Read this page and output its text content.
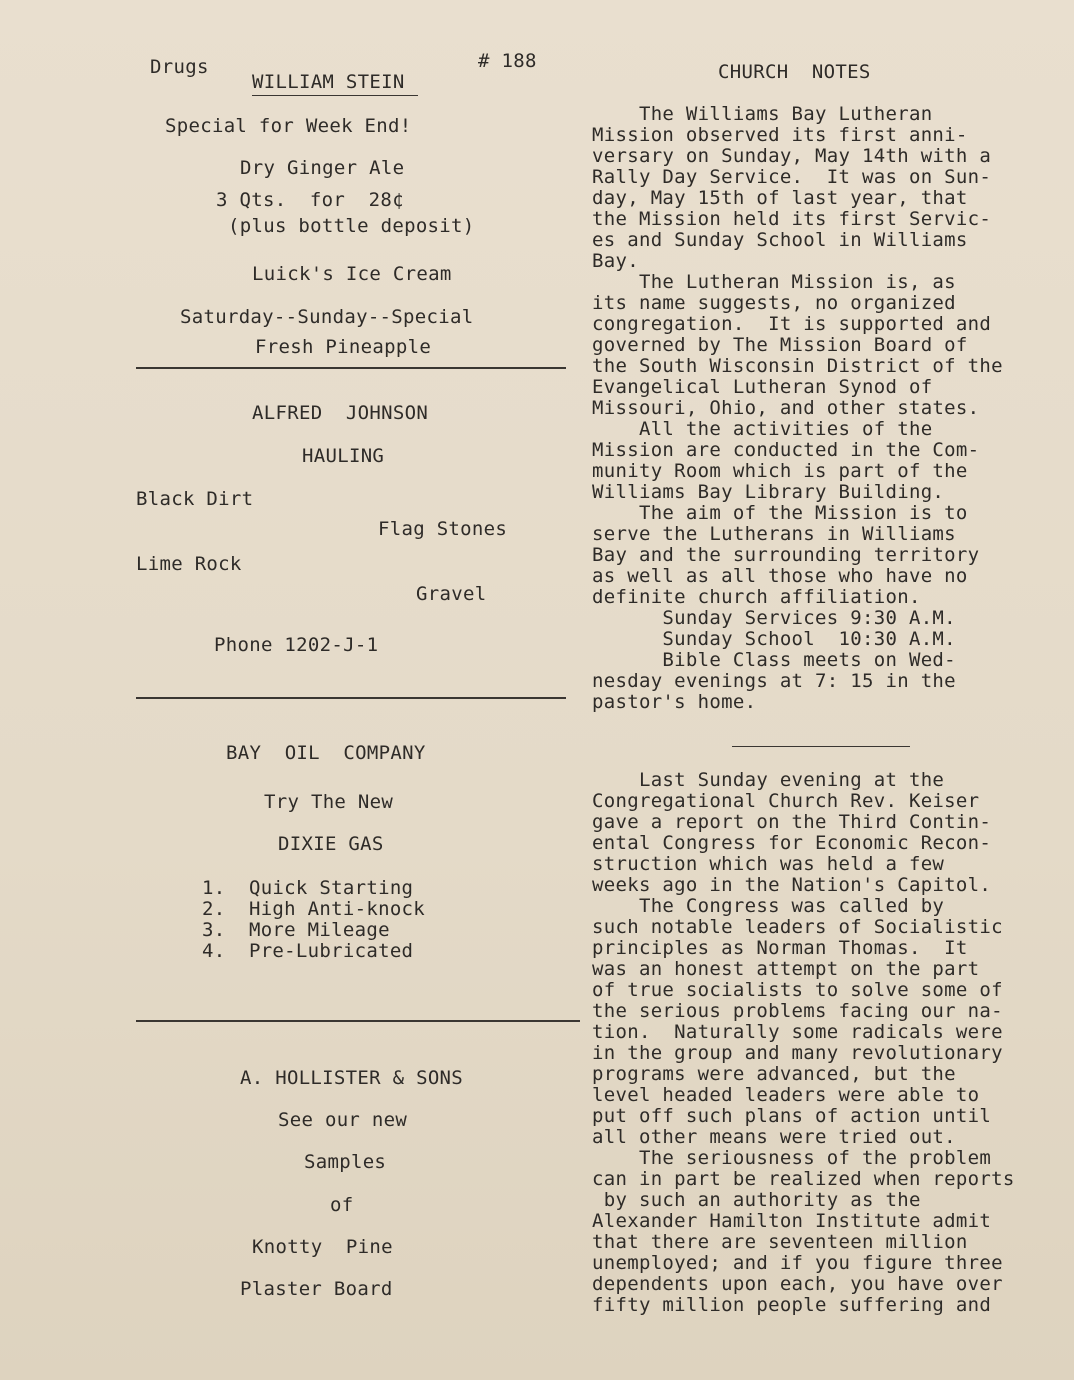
Drugs	# 188	CHURCH  NOTES
WILLIAM STEIN
Special for Week End!
Dry Ginger Ale
3 Qts.  for  28¢
(plus bottle deposit)
Luick's Ice Cream
Saturday--Sunday--Special
Fresh Pineapple
ALFRED  JOHNSON
HAULING
Black Dirt
Flag Stones
Lime Rock
Gravel
Phone 1202-J-1
BAY  OIL  COMPANY
Try The New
DIXIE GAS
1.  Quick Starting
2.  High Anti-knock
3.  More Mileage
4.  Pre-Lubricated
A. HOLLISTER & SONS
See our new
Samples
of
Knotty  Pine
Plaster Board

The Williams Bay Lutheran

Mission observed its first anni-

versary on Sunday, May 14th with a

Rally Day Service.  It was on Sun-

day, May 15th of last year, that

the Mission held its first Servic-

es and Sunday School in Williams

Bay.

The Lutheran Mission is, as

its name suggests, no organized

congregation.  It is supported and

governed by The Mission Board of

the South Wisconsin District of the

Evangelical Lutheran Synod of

Missouri, Ohio, and other states.

All the activities of the

Mission are conducted in the Com-

munity Room which is part of the

Williams Bay Library Building.

The aim of the Mission is to

serve the Lutherans in Williams

Bay and the surrounding territory

as well as all those who have no

definite church affiliation.

Sunday Services 9:30 A.M.

Sunday School  10:30 A.M.

Bible Class meets on Wed-

nesday evenings at 7: 15 in the

pastor's home.

Last Sunday evening at the

Congregational Church Rev. Keiser

gave a report on the Third Contin-

ental Congress for Economic Recon-

struction which was held a few

weeks ago in the Nation's Capitol.

The Congress was called by

such notable leaders of Socialistic

principles as Norman Thomas.  It

was an honest attempt on the part

of true socialists to solve some of

the serious problems facing our na-

tion.  Naturally some radicals were

in the group and many revolutionary

programs were advanced, but the

level headed leaders were able to

put off such plans of action until

all other means were tried out.

The seriousness of the problem

can in part be realized when reports

by such an authority as the

Alexander Hamilton Institute admit

that there are seventeen million

unemployed; and if you figure three

dependents upon each, you have over

fifty million people suffering and
